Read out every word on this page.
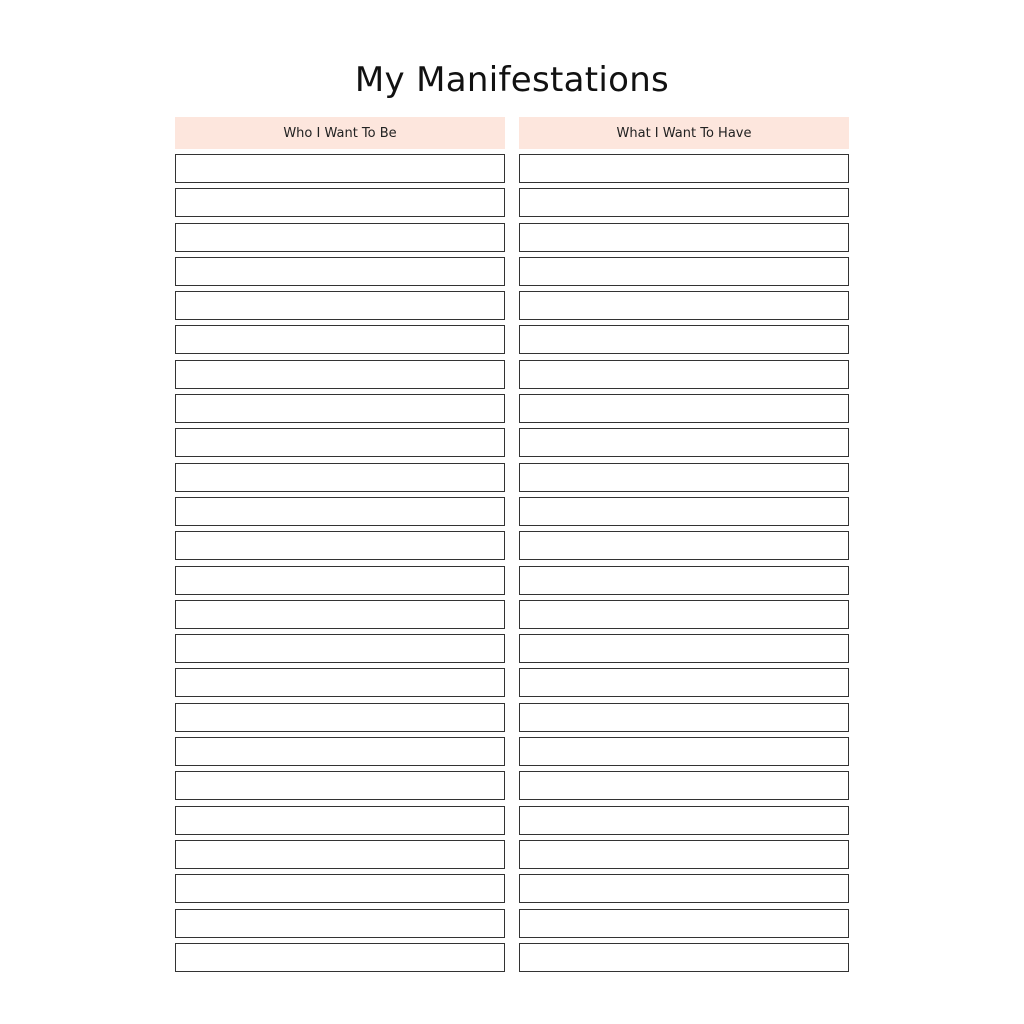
My Manifestations
Who I Want To Be	What I Want To Have
